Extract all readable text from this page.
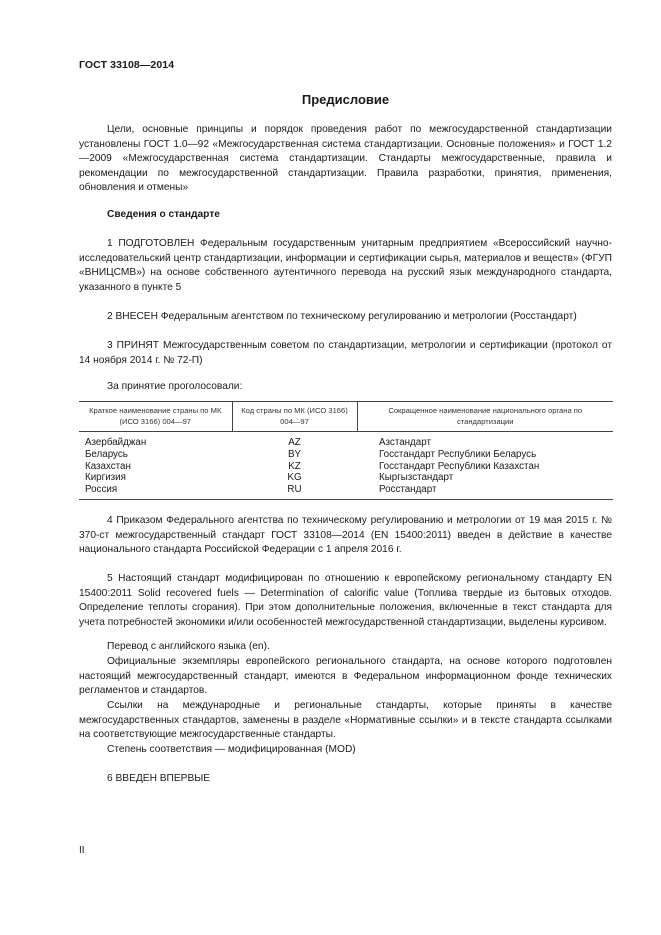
ГОСТ 33108—2014
Предисловие

Цели, основные принципы и порядок проведения работ по межгосударственной стандартизации установлены ГОСТ 1.0—92 «Межгосударственная система стандартизации. Основные положения» и ГОСТ 1.2—2009 «Межгосударственная система стандартизации. Стандарты межгосударственные, правила и рекомендации по межгосударственной стандартизации. Правила разработки, принятия, применения, обновления и отмены»

Сведения о стандарте

1 ПОДГОТОВЛЕН Федеральным государственным унитарным предприятием «Всероссийский научно-исследовательский центр стандартизации, информации и сертификации сырья, материалов и веществ» (ФГУП «ВНИЦСМВ») на основе собственного аутентичного перевода на русский язык международного стандарта, указанного в пункте 5

2 ВНЕСЕН Федеральным агентством по техническому регулированию и метрологии (Росстандарт)

3 ПРИНЯТ Межгосударственным советом по стандартизации, метрологии и сертификации (протокол от 14 ноября 2014 г. № 72-П)

За принятие проголосовали:
Краткое наименование страны по МК (ИСО 3166) 004—97	Код страны по МК (ИСО 3166) 004—97	Сокращенное наименование национального органа по стандартизации
Азербайджан	AZ	Азстандарт
Беларусь	BY	Госстандарт Республики Беларусь
Казахстан	KZ	Госстандарт Республики Казахстан
Киргизия	KG	Кыргызстандарт
Россия	RU	Росстандарт

4 Приказом Федерального агентства по техническому регулированию и метрологии от 19 мая 2015 г. № 370-ст межгосударственный стандарт ГОСТ 33108—2014 (EN 15400:2011) введен в действие в качестве национального стандарта Российской Федерации с 1 апреля 2016 г.

5 Настоящий стандарт модифицирован по отношению к европейскому региональному стандарту EN 15400:2011 Solid recovered fuels — Determination of calorific value (Топлива твердые из бытовых отходов. Определение теплоты сгорания). При этом дополнительные положения, включенные в текст стандарта для учета потребностей экономики и/или особенностей межгосударственной стандартизации, выделены курсивом.

Перевод с английского языка (en).

Официальные экземпляры европейского регионального стандарта, на основе которого подготовлен настоящий межгосударственный стандарт, имеются в Федеральном информационном фонде технических регламентов и стандартов.

Ссылки на международные и региональные стандарты, которые приняты в качестве межгосударственных стандартов, заменены в разделе «Нормативные ссылки» и в тексте стандарта ссылками на соответствующие межгосударственные стандарты.

Степень соответствия — модифицированная (MOD)

6 ВВЕДЕН ВПЕРВЫЕ

II
